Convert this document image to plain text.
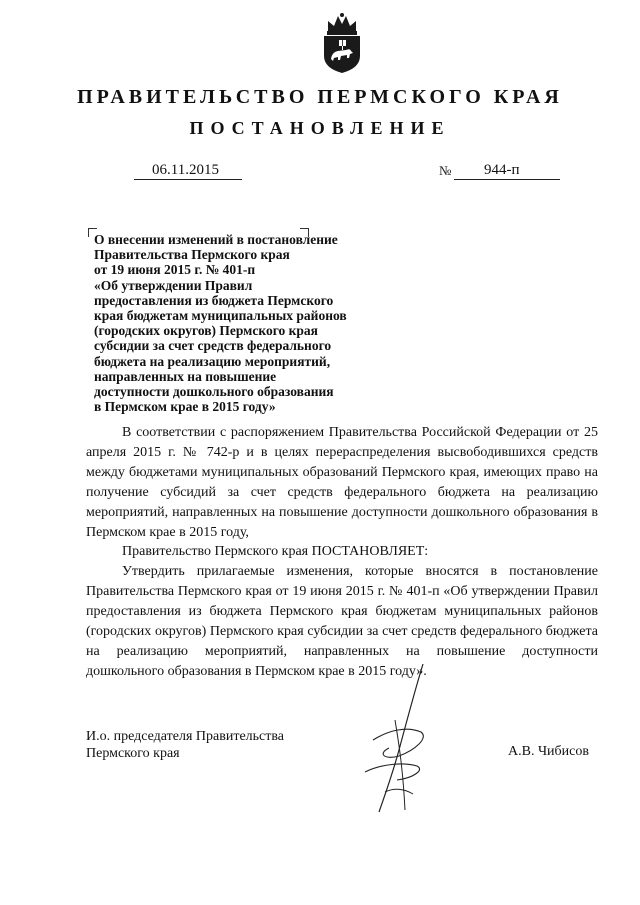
ПРАВИТЕЛЬСТВО ПЕРМСКОГО КРАЯ
ПОСТАНОВЛЕНИЕ
06.11.2015	№ 944-п
О внесении изменений в постановление
Правительства Пермского края
от 19 июня 2015 г. № 401-п
«Об утверждении Правил
предоставления из бюджета Пермского
края бюджетам муниципальных районов
(городских округов) Пермского края
субсидии за счет средств федерального
бюджета на реализацию мероприятий,
направленных на повышение
доступности дошкольного образования
в Пермском крае в 2015 году»

В соответствии с распоряжением Правительства Российской Федерации от 25 апреля 2015 г. № 742-р и в целях перераспределения высвободившихся средств между бюджетами муниципальных образований Пермского края, имеющих право на получение субсидий за счет средств федерального бюджета на реализацию мероприятий, направленных на повышение доступности дошкольного образования в Пермском крае в 2015 году,

Правительство Пермского края ПОСТАНОВЛЯЕТ:

Утвердить прилагаемые изменения, которые вносятся в постановление Правительства Пермского края от 19 июня 2015 г. № 401-п «Об утверждении Правил предоставления из бюджета Пермского края бюджетам муниципальных районов (городских округов) Пермского края субсидии за счет средств федерального бюджета на реализацию мероприятий, направленных на повышение доступности дошкольного образования в Пермском крае в 2015 году».

И.о. председателя Правительства
Пермского края	А.В. Чибисов
